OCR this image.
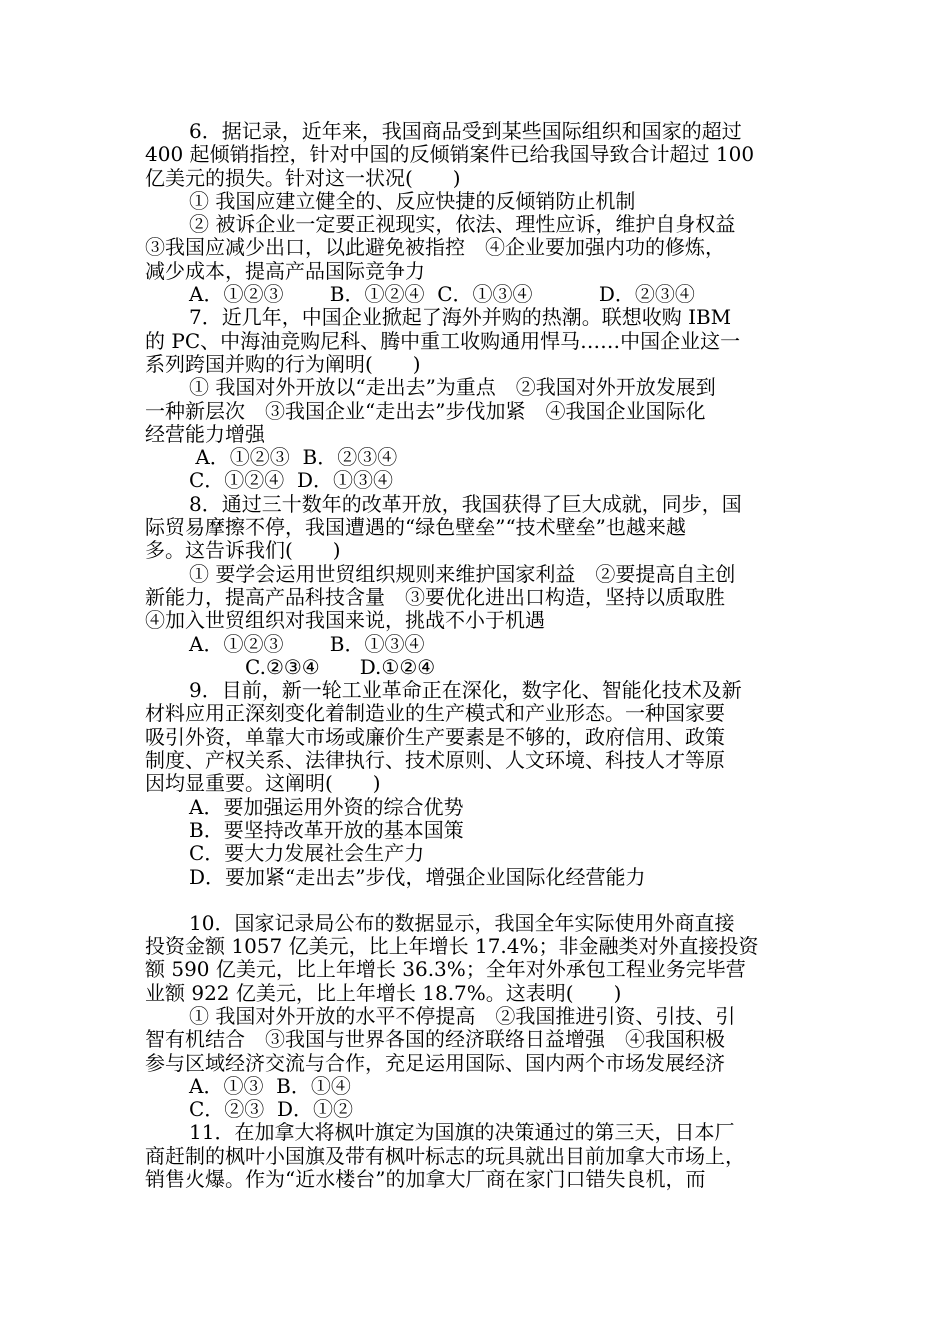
6．据记录，近年来，我国商品受到某些国际组织和国家的超过
400 起倾销指控，针对中国的反倾销案件已给我国导致合计超过 100
亿美元的损失。针对这一状况(　　)
① 我国应建立健全的、反应快捷的反倾销防止机制
② 被诉企业一定要正视现实，依法、理性应诉，维护自身权益
③我国应减少出口，以此避免被指控　④企业要加强内功的修炼，
减少成本，提高产品国际竞争力
A．①②③　　 B．①②④  C．①③④　　　 D．②③④
7．近几年，中国企业掀起了海外并购的热潮。联想收购 IBM
的 PC、中海油竞购尼科、腾中重工收购通用悍马……中国企业这一
系列跨国并购的行为阐明(　　)
① 我国对外开放以“走出去”为重点　②我国对外开放发展到
一种新层次　③我国企业“走出去”步伐加紧　④我国企业国际化
经营能力增强
A．①②③  B．②③④
C．①②④  D．①③④
8．通过三十数年的改革开放，我国获得了巨大成就，同步，国
际贸易摩擦不停，我国遭遇的“绿色壁垒”“技术壁垒”也越来越
多。这告诉我们(　　)
① 要学会运用世贸组织规则来维护国家利益　②要提高自主创
新能力，提高产品科技含量　③要优化进出口构造，坚持以质取胜
④加入世贸组织对我国来说，挑战不小于机遇
A．①②③　　 B．①③④
C.②③④　　D.①②④
9．目前，新一轮工业革命正在深化，数字化、智能化技术及新
材料应用正深刻变化着制造业的生产模式和产业形态。一种国家要
吸引外资，单靠大市场或廉价生产要素是不够的，政府信用、政策
制度、产权关系、法律执行、技术原则、人文环境、科技人才等原
因均显重要。这阐明(　　)
A．要加强运用外资的综合优势
B．要坚持改革开放的基本国策
C．要大力发展社会生产力
D．要加紧“走出去”步伐，增强企业国际化经营能力
10．国家记录局公布的数据显示，我国全年实际使用外商直接
投资金额 1057 亿美元，比上年增长 17.4%；非金融类对外直接投资
额 590 亿美元，比上年增长 36.3%；全年对外承包工程业务完毕营
业额 922 亿美元，比上年增长 18.7%。这表明(　　)
① 我国对外开放的水平不停提高　②我国推进引资、引技、引
智有机结合　③我国与世界各国的经济联络日益增强　④我国积极
参与区域经济交流与合作，充足运用国际、国内两个市场发展经济
A．①③  B．①④
C．②③  D．①②
11．在加拿大将枫叶旗定为国旗的决策通过的第三天，日本厂
商赶制的枫叶小国旗及带有枫叶标志的玩具就出目前加拿大市场上，
销售火爆。作为“近水楼台”的加拿大厂商在家门口错失良机，而
